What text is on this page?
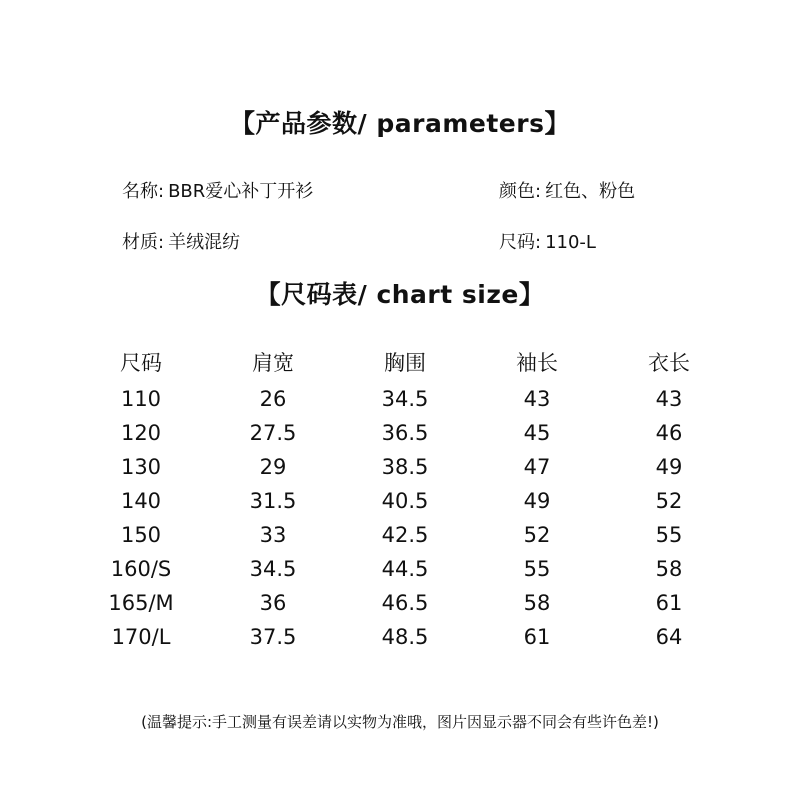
【产品参数/ parameters】
名称: BBR爱心补丁开衫	颜色: 红色、粉色
材质: 羊绒混纺	尺码: 110-L
【尺码表/ chart size】
尺码	肩宽	胸围	袖长	衣长
110	26	34.5	43	43
120	27.5	36.5	45	46
130	29	38.5	47	49
140	31.5	40.5	49	52
150	33	42.5	52	55
160/S	34.5	44.5	55	58
165/M	36	46.5	58	61
170/L	37.5	48.5	61	64
(温馨提示:手工测量有误差请以实物为准哦，图片因显示器不同会有些许色差!)
